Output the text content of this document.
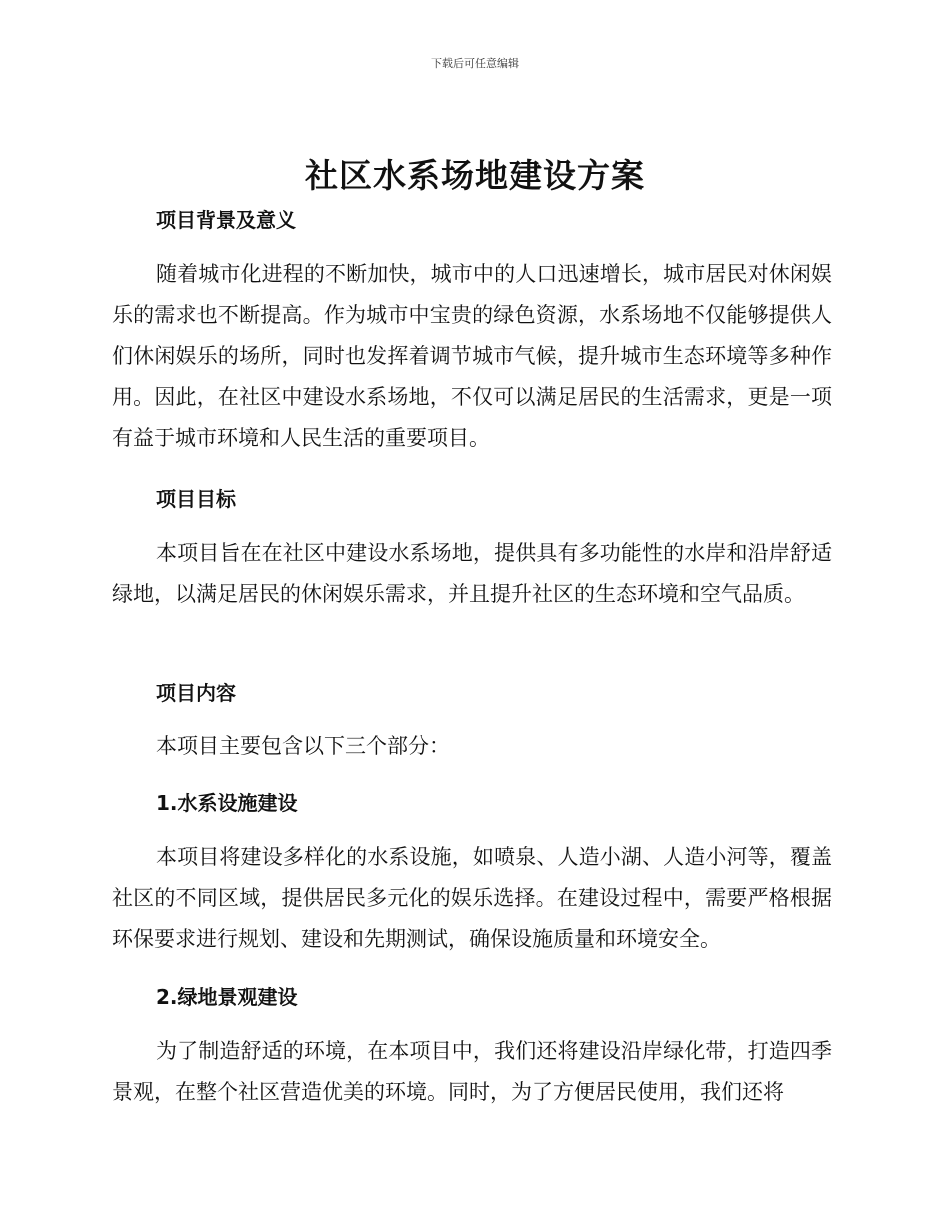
下载后可任意编辑
社区水系场地建设方案
项目背景及意义

随着城市化进程的不断加快，城市中的人口迅速增长，城市居民对休闲娱乐的需求也不断提高。作为城市中宝贵的绿色资源，水系场地不仅能够提供人们休闲娱乐的场所，同时也发挥着调节城市气候，提升城市生态环境等多种作用。因此，在社区中建设水系场地，不仅可以满足居民的生活需求，更是一项有益于城市环境和人民生活的重要项目。

项目目标

本项目旨在在社区中建设水系场地，提供具有多功能性的水岸和沿岸舒适绿地，以满足居民的休闲娱乐需求，并且提升社区的生态环境和空气品质。

项目内容

本项目主要包含以下三个部分：

1.水系设施建设

本项目将建设多样化的水系设施，如喷泉、人造小湖、人造小河等，覆盖社区的不同区域，提供居民多元化的娱乐选择。在建设过程中，需要严格根据环保要求进行规划、建设和先期测试，确保设施质量和环境安全。

2.绿地景观建设

为了制造舒适的环境，在本项目中，我们还将建设沿岸绿化带，打造四季景观，在整个社区营造优美的环境。同时，为了方便居民使用，我们还将
